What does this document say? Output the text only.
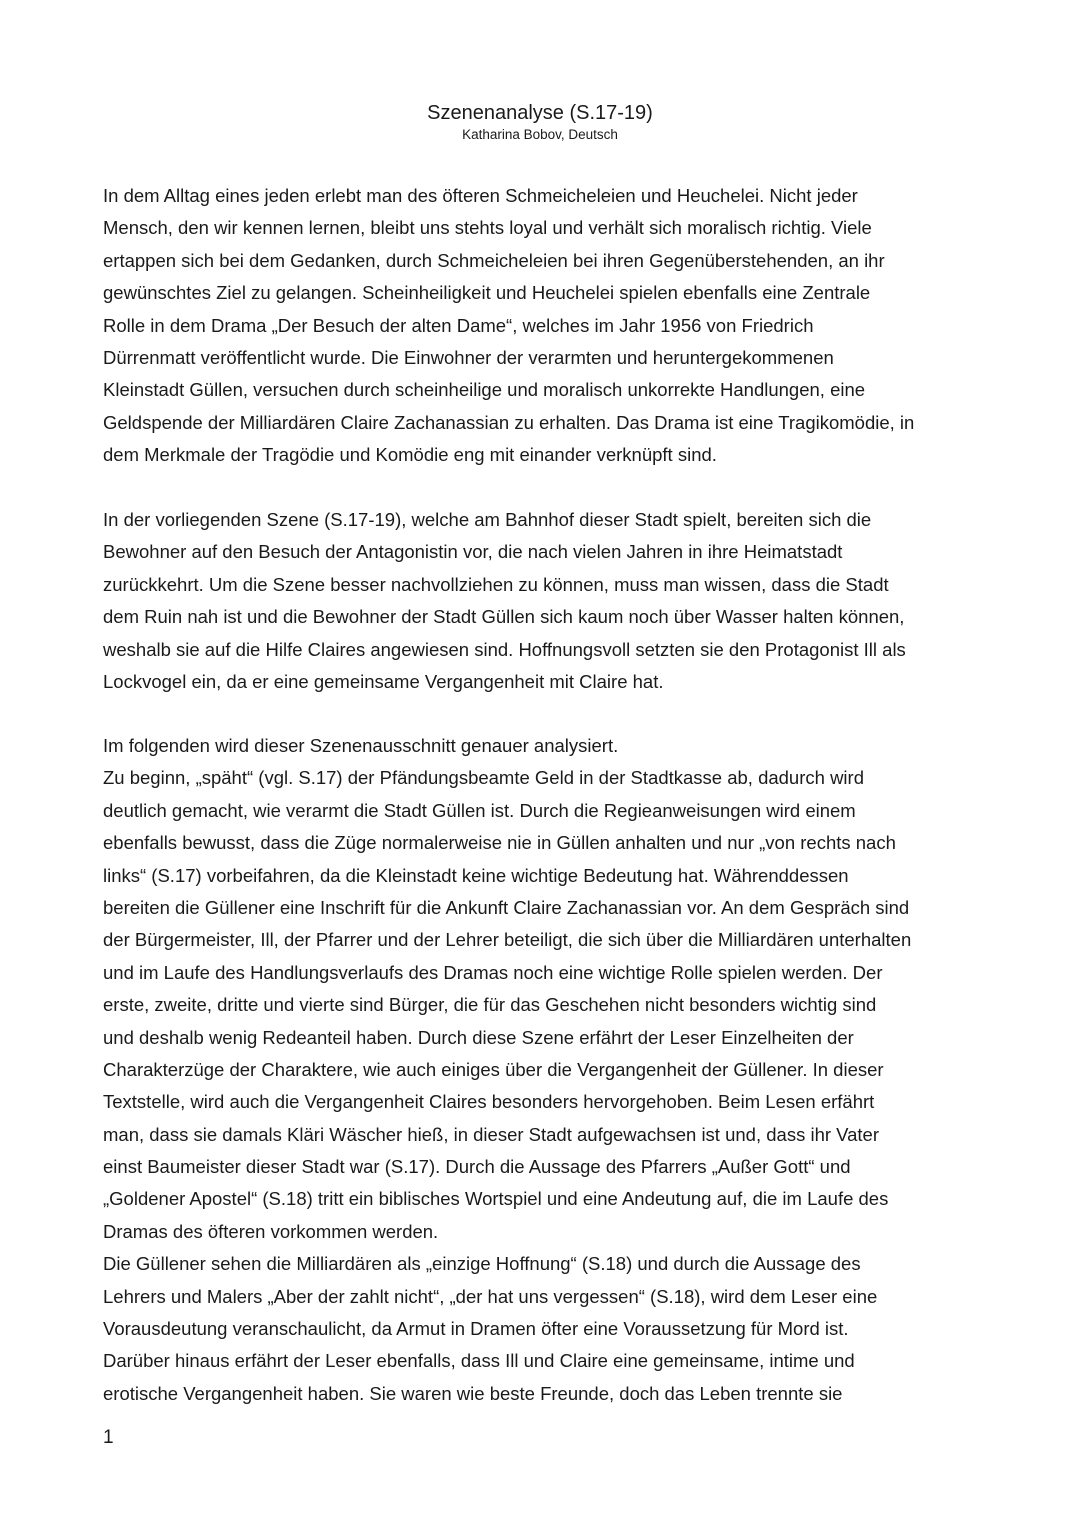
Szenenanalyse (S.17-19)
Katharina Bobov, Deutsch
In dem Alltag eines jeden erlebt man des öfteren Schmeicheleien und Heuchelei. Nicht jeder
Mensch, den wir kennen lernen, bleibt uns stehts loyal und verhält sich moralisch richtig. Viele
ertappen sich bei dem Gedanken, durch Schmeicheleien bei ihren Gegenüberstehenden, an ihr
gewünschtes Ziel zu gelangen. Scheinheiligkeit und Heuchelei spielen ebenfalls eine Zentrale
Rolle in dem Drama „Der Besuch der alten Dame“, welches im Jahr 1956 von Friedrich
Dürrenmatt veröffentlicht wurde. Die Einwohner der verarmten und heruntergekommenen
Kleinstadt Güllen, versuchen durch scheinheilige und moralisch unkorrekte Handlungen, eine
Geldspende der Milliardären Claire Zachanassian zu erhalten. Das Drama ist eine Tragikomödie, in
dem Merkmale der Tragödie und Komödie eng mit einander verknüpft sind.
In der vorliegenden Szene (S.17-19), welche am Bahnhof dieser Stadt spielt, bereiten sich die
Bewohner auf den Besuch der Antagonistin vor, die nach vielen Jahren in ihre Heimatstadt
zurückkehrt. Um die Szene besser nachvollziehen zu können, muss man wissen, dass die Stadt
dem Ruin nah ist und die Bewohner der Stadt Güllen sich kaum noch über Wasser halten können,
weshalb sie auf die Hilfe Claires angewiesen sind. Hoffnungsvoll setzten sie den Protagonist Ill als
Lockvogel ein, da er eine gemeinsame Vergangenheit mit Claire hat.
Im folgenden wird dieser Szenenausschnitt genauer analysiert.
Zu beginn, „späht“ (vgl. S.17) der Pfändungsbeamte Geld in der Stadtkasse ab, dadurch wird
deutlich gemacht, wie verarmt die Stadt Güllen ist. Durch die Regieanweisungen wird einem
ebenfalls bewusst, dass die Züge normalerweise nie in Güllen anhalten und nur „von rechts nach
links“ (S.17) vorbeifahren, da die Kleinstadt keine wichtige Bedeutung hat. Währenddessen
bereiten die Güllener eine Inschrift für die Ankunft Claire Zachanassian vor. An dem Gespräch sind
der Bürgermeister, Ill, der Pfarrer und der Lehrer beteiligt, die sich über die Milliardären unterhalten
und im Laufe des Handlungsverlaufs des Dramas noch eine wichtige Rolle spielen werden. Der
erste, zweite, dritte und vierte sind Bürger, die für das Geschehen nicht besonders wichtig sind
und deshalb wenig Redeanteil haben. Durch diese Szene erfährt der Leser Einzelheiten der
Charakterzüge der Charaktere, wie auch einiges über die Vergangenheit der Güllener. In dieser
Textstelle, wird auch die Vergangenheit Claires besonders hervorgehoben. Beim Lesen erfährt
man, dass sie damals Kläri Wäscher hieß, in dieser Stadt aufgewachsen ist und, dass ihr Vater
einst Baumeister dieser Stadt war (S.17). Durch die Aussage des Pfarrers „Außer Gott“ und
„Goldener Apostel“ (S.18) tritt ein biblisches Wortspiel und eine Andeutung auf, die im Laufe des
Dramas des öfteren vorkommen werden.
Die Güllener sehen die Milliardären als „einzige Hoffnung“ (S.18) und durch die Aussage des
Lehrers und Malers „Aber der zahlt nicht“, „der hat uns vergessen“ (S.18), wird dem Leser eine
Vorausdeutung veranschaulicht, da Armut in Dramen öfter eine Voraussetzung für Mord ist.
Darüber hinaus erfährt der Leser ebenfalls, dass Ill und Claire eine gemeinsame, intime und
erotische Vergangenheit haben. Sie waren wie beste Freunde, doch das Leben trennte sie
1
